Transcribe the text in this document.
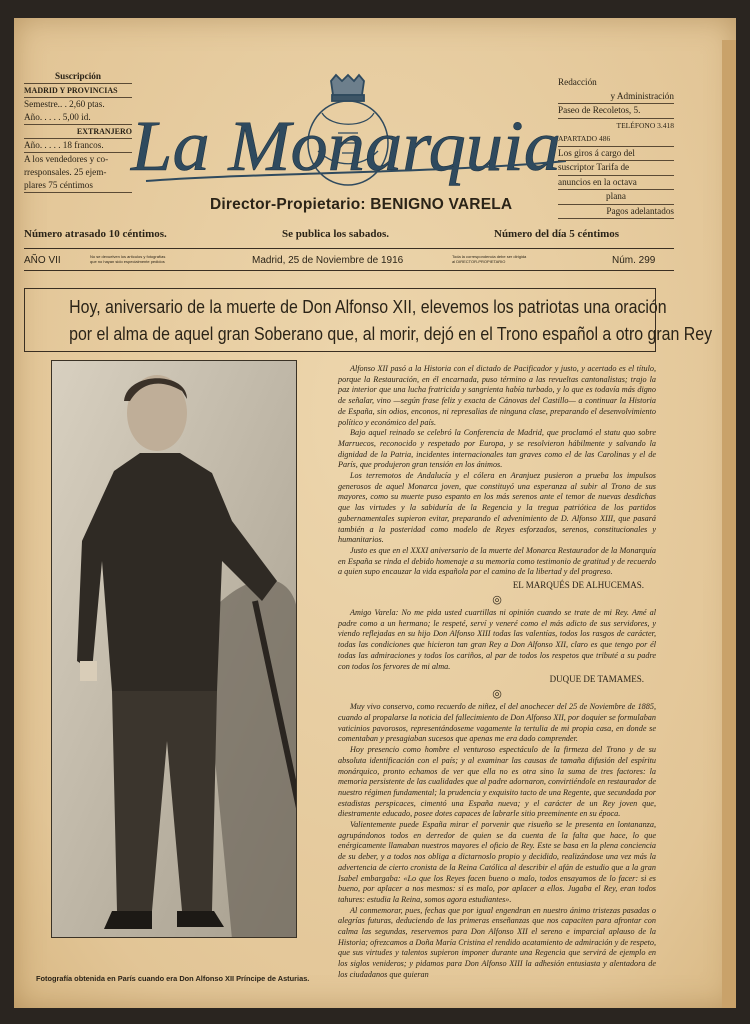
Suscripción
MADRID Y PROVINCIAS
Semestre.. . 2,60 ptas.
Año. . . . . 5,00 id.
EXTRANJERO
Año. . . . . 18 francos.
A los vendedores y co-
rresponsales. 25 ejem-
plares 75 céntimos La Monarquia
Director-Propietario: BENIGNO VARELA
Redacción
y Administración
Paseo de Recoletos, 5.
TELÉFONO 3.418
APARTADO 486
Los giros á cargo del
suscriptor Tarifa de
anuncios en la octava
plana
Pagos adelantados
Número atrasado 10 céntimos.	Se publica los sabados.	Número del día 5 céntimos
AÑO VII	No se devuelven los artículos y fotografías
que no hayan sido especialmente pedidos	Madrid, 25 de Noviembre de 1916	Toda la correspondencia debe ser dirigida
al DIRECTOR-PROPIETARIO	Núm. 299
Hoy, aniversario de la muerte de Don Alfonso XII, elevemos los patriotas una oración
por el alma de aquel gran Soberano que, al morir, dejó en el Trono español a otro gran Rey
Fotografía obtenida en París cuando era Don Alfonso XII Príncipe de Asturias.

Alfonso XII pasó a la Historia con el dictado de Pacificador y justo, y acertado es el título, porque la Restauración, en él encarnada, puso término a las revueltas cantonalistas; trajo la paz interior que una lucha fratricida y sangrienta había turbado, y lo que es todavía más digno de señalar, vino —según frase feliz y exacta de Cánovas del Castillo— a continuar la Historia de España, sin odios, enconos, ni represalias de ninguna clase, preparando el desenvolvimiento político y económico del país.

Bajo aquel reinado se celebró la Conferencia de Madrid, que proclamó el statu quo sobre Marruecos, reconocido y respetado por Europa, y se resolvieron hábilmente y salvando la dignidad de la Patria, incidentes internacionales tan graves como el de las Carolinas y el de París, que produjeron gran tensión en los ánimos.

Los terremotos de Andalucía y el cólera en Aranjuez pusieron a prueba los impulsos generosos de aquel Monarca joven, que constituyó una esperanza al subir al Trono de sus mayores, como su muerte puso espanto en los más serenos ante el temor de nuevas desdichas que las virtudes y la sabiduría de la Regencia y la tregua patriótica de los partidos gubernamentales supieron evitar, preparando el advenimiento de D. Alfonso XIII, que pasará también a la posteridad como modelo de Reyes esforzados, serenos, constitucionales y humanitarios.

Justo es que en el XXXI aniversario de la muerte del Monarca Restaurador de la Monarquía en España se rinda el debido homenaje a su memoria como testimonio de gratitud y de recuerdo a quien supo encauzar la vida española por el camino de la libertad y del progreso.

EL MARQUÉS DE ALHUCEMAS.
◎

Amigo Varela: No me pida usted cuartillas ni opinión cuando se trate de mi Rey. Amé al padre como a un hermano; le respeté, serví y veneré como el más adicto de sus servidores, y viendo reflejadas en su hijo Don Alfonso XIII todas las valentías, todos los rasgos de carácter, todas las condiciones que hicieron tan gran Rey a Don Alfonso XII, claro es que tengo por él todas las admiraciones y todos los cariños, al par de todos los respetos que tributé a su padre con todos los fervores de mi alma.

DUQUE DE TAMAMES.
◎

Muy vivo conservo, como recuerdo de niñez, el del anochecer del 25 de Noviembre de 1885, cuando al propalarse la noticia del fallecimiento de Don Alfonso XII, por doquier se formulaban vaticinios pavorosos, representándoseme vagamente la tertulia de mi propia casa, en donde se comentaban y presagiaban sucesos que apenas me era dado comprender.

Hoy presencio como hombre el venturoso espectáculo de la firmeza del Trono y de su absoluta identificación con el país; y al examinar las causas de tamaña difusión del espíritu monárquico, pronto echamos de ver que ella no es otra sino la suma de tres factores: la memoria persistente de las cualidades que al padre adornaron, convirtiéndole en restaurador de nuestro régimen fundamental; la prudencia y exquisito tacto de una Regente, que secundada por estadistas perspicaces, cimentó una España nueva; y el carácter de un Rey joven que, diestramente educado, posee dotes capaces de labrarle sitio preeminente en su época.

Valientemente puede España mirar el porvenir que risueño se le presenta en lontananza, agrupándonos todos en derredor de quien se da cuenta de la falta que hace, lo que enérgicamente llamaban nuestros mayores el oficio de Rey. Este se basa en la plena conciencia de su deber, y a todos nos obliga a dictarnoslo propio y decidido, realizándose una vez más la advertencia de cierto cronista de la Reina Católica al describir el afán de estudio que a la gran Isabel embargaba: «Lo que los Reyes facen bueno o malo, todos ensayamos de lo facer: si es bueno, por aplacer a nos mesmos: si es malo, por aplacer a ellos. Jugaba el Rey, eran todos tahures: estudia la Reina, somos agora estudiantes».

Al conmemorar, pues, fechas que por igual engendran en nuestro ánimo tristezas pasadas o alegrías futuras, deduciendo de las primeras enseñanzas que nos capaciten para afrontar con calma las segundas, reservemos para Don Alfonso XII el sereno e imparcial aplauso de la Historia; ofrezcamos a Doña María Cristina el rendido acatamiento de admiración y de respeto, que sus virtudes y talentos supieron imponer durante una Regencia que servirá de ejemplo en los siglos venideros; y pidamos para Don Alfonso XIII la adhesión entusiasta y alentadora de los ciudadanos que quieran
